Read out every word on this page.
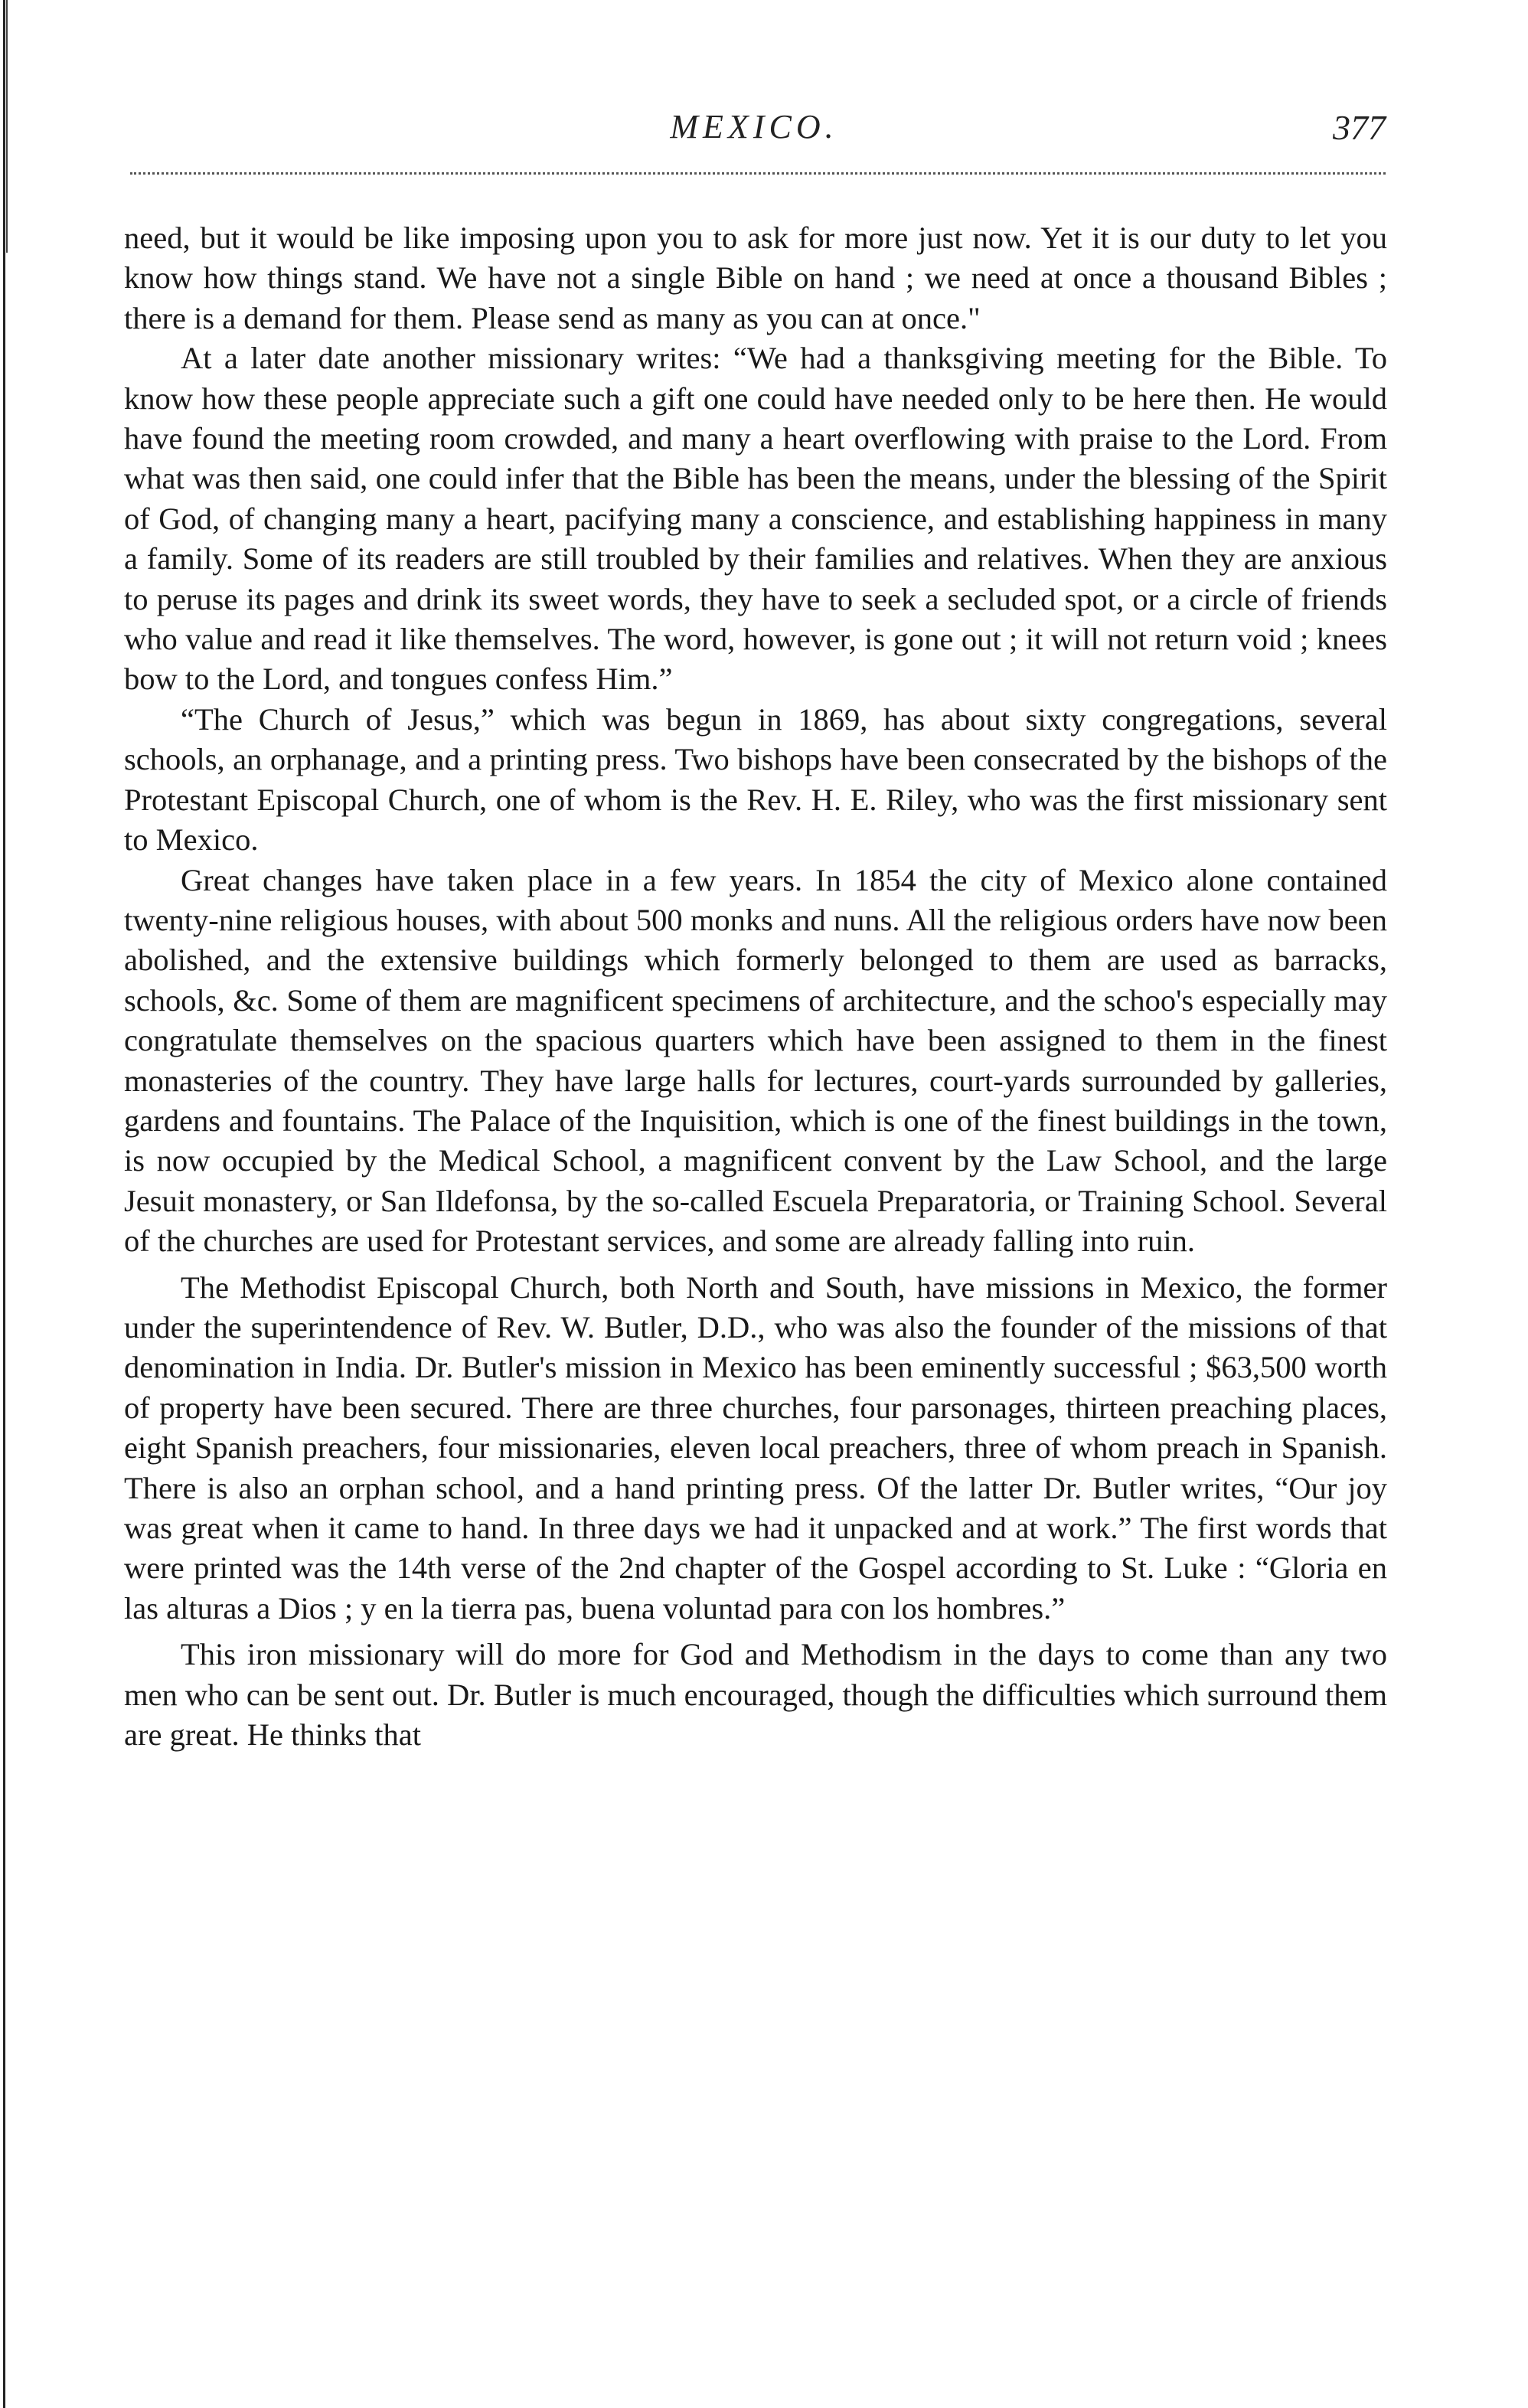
MEXICO.	377

need, but it would be like imposing upon you to ask for more just now. Yet it is our duty to let you know how things stand. We have not a single Bible on hand ; we need at once a thousand Bibles ; there is a demand for them. Please send as many as you can at once."

At a later date another missionary writes: “We had a thanksgiving meeting for the Bible. To know how these people appreciate such a gift one could have needed only to be here then. He would have found the meeting room crowded, and many a heart overflowing with praise to the Lord. From what was then said, one could infer that the Bible has been the means, under the blessing of the Spirit of God, of changing many a heart, pacifying many a conscience, and establishing happiness in many a family. Some of its readers are still troubled by their families and relatives. When they are anxious to peruse its pages and drink its sweet words, they have to seek a secluded spot, or a circle of friends who value and read it like themselves. The word, however, is gone out ; it will not return void ; knees bow to the Lord, and tongues confess Him.”

“The Church of Jesus,” which was begun in 1869, has about sixty congregations, several schools, an orphanage, and a printing press. Two bishops have been consecrated by the bishops of the Protestant Episcopal Church, one of whom is the Rev. H. E. Riley, who was the first missionary sent to Mexico.

Great changes have taken place in a few years. In 1854 the city of Mexico alone contained twenty-nine religious houses, with about 500 monks and nuns. All the religious orders have now been abolished, and the extensive buildings which formerly belonged to them are used as barracks, schools, &c. Some of them are magnificent specimens of architecture, and the schoo's especially may congratulate themselves on the spacious quarters which have been assigned to them in the finest monasteries of the country. They have large halls for lectures, court-yards surrounded by galleries, gardens and fountains. The Palace of the Inquisition, which is one of the finest buildings in the town, is now occupied by the Medical School, a magnificent convent by the Law School, and the large Jesuit monastery, or San Ildefonsa, by the so-called Escuela Preparatoria, or Training School. Several of the churches are used for Protestant services, and some are already falling into ruin.

The Methodist Episcopal Church, both North and South, have missions in Mexico, the former under the superintendence of Rev. W. Butler, D.D., who was also the founder of the missions of that denomination in India. Dr. Butler's mission in Mexico has been eminently successful ; $63,500 worth of property have been secured. There are three churches, four parsonages, thirteen preaching places, eight Spanish preachers, four missionaries, eleven local preachers, three of whom preach in Spanish. There is also an orphan school, and a hand printing press. Of the latter Dr. Butler writes, “Our joy was great when it came to hand. In three days we had it unpacked and at work.” The first words that were printed was the 14th verse of the 2nd chapter of the Gospel according to St. Luke : “Gloria en las alturas a Dios ; y en la tierra pas, buena voluntad para con los hombres.”

This iron missionary will do more for God and Methodism in the days to come than any two men who can be sent out. Dr. Butler is much encouraged, though the difficulties which surround them are great. He thinks that
